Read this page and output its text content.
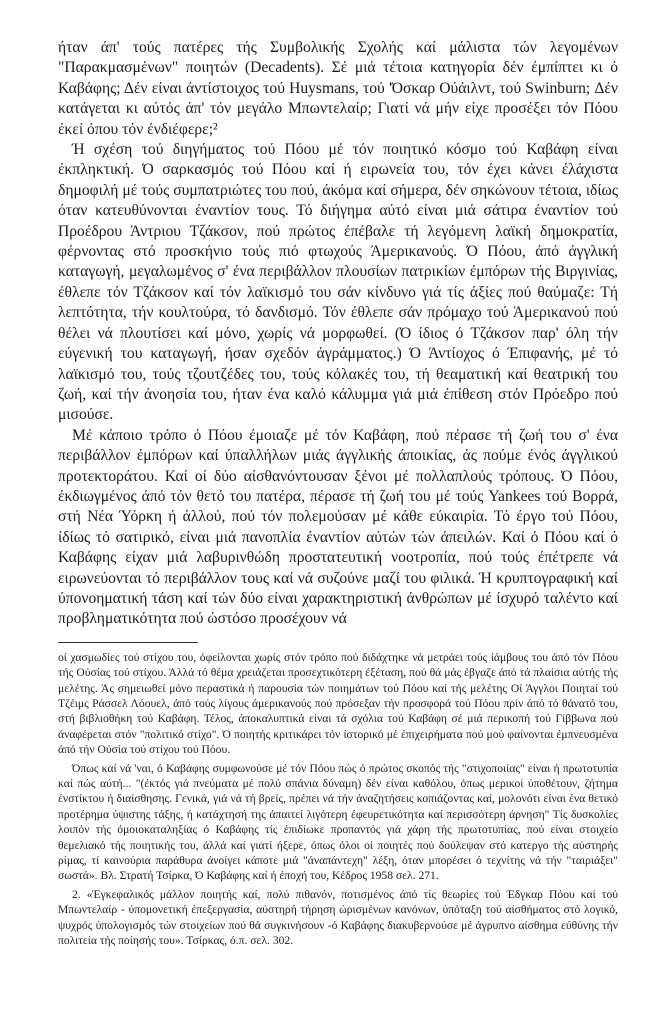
ήταν άπ' τούς πατέρες τής Συμβολικής Σχολής καί μάλιστα τών λεγομένων "Παρακμασμένων" ποιητών (Decadents). Σέ μιά τέτοια κατηγορία δέν έμπίπτει κι ό Καβάφης; Δέν είναι άντίστοιχος τού Huysmans, τού 'Όσκαρ Ούάιλντ, τού Swinburn; Δέν κατάγεται κι αύτός άπ' τόν μεγάλο Μπωντελαίρ; Γιατί νά μήν είχε προσέξει τόν Πόου έκεί όπου τόν ένδιέφερε;²

Ή σχέση τού διηγήματος τού Πόου μέ τόν ποιητικό κόσμο τού Καβάφη είναι έκπληκτική. Ό σαρκασμός τού Πόου καί ή ειρωνεία του, τόν έχει κάνει έλάχιστα δημοφιλή μέ τούς συμπατριώτες του πού, άκόμα καί σήμερα, δέν σηκώνουν τέτοια, ιδίως όταν κατευθύνονται έναντίον τους. Τό διήγημα αύτό είναι μιά σάτιρα έναντίον τού Προέδρου Άντριου Τζάκσον, πού πρώτος έπέβαλε τή λεγόμενη λαϊκή δημοκρατία, φέρνοντας στό προσκήνιο τούς πιό φτωχούς Άμερικανούς. Ό Πόου, άπό άγγλική καταγωγή, μεγαλωμένος σ' ένα περιβάλλον πλουσίων πατρικίων έμπόρων τής Βιργινίας, έθλεπε τόν Τζάκσον καί τόν λαϊκισμό του σάν κίνδυνο γιά τίς άξίες πού θαύμαζε: Τή λεπτότητα, τήν κουλτούρα, τό δανδισμό. Τόν έθλεπε σάν πρόμαχο τού Άμερικανού πού θέλει νά πλουτίσει καί μόνο, χωρίς νά μορφωθεί. (Ό ίδιος ό Τζάκσον παρ' όλη τήν εύγενική του καταγωγή, ήσαν σχεδόν άγράμματος.) Ό Άντίοχος ό Έπιφανής, μέ τό λαϊκισμό του, τούς τζουτζέδες του, τούς κόλακές του, τή θεαματική καί θεατρική του ζωή, καί τήν άνοησία του, ήταν ένα καλό κάλυμμα γιά μιά έπίθεση στόν Πρόεδρο πού μισούσε.

Μέ κάποιο τρόπο ό Πόου έμοιαζε μέ τόν Καβάφη, πού πέρασε τή ζωή του σ' ένα περιβάλλον έμπόρων καί ύπαλλήλων μιάς άγγλικής άποικίας, άς πούμε ένός άγγλικού προτεκτοράτου. Καί οί δύο αίσθανόντουσαν ξένοι μέ πολλαπλούς τρόπους. Ό Πόου, έκδιωγμένος άπό τόν θετό του πατέρα, πέρασε τή ζωή του μέ τούς Yankees τού Βορρά, στή Νέα Ύόρκη ή άλλού, πού τόν πολεμούσαν μέ κάθε εύκαιρία. Τό έργο τού Πόου, ίδίως τό σατιρικό, είναι μιά πανοπλία έναντίον αύτών τών άπειλών. Καί ό Πόου καί ό Καβάφης είχαν μιά λαβυρινθώδη προστατευτική νοοτροπία, πού τούς έπέτρεπε νά ειρωνεύονται τό περιβάλλον τους καί νά συζούνε μαζί του φιλικά. Ή κρυπτογραφική καί ύπονοηματική τάση καί τών δύο είναι χαρακτηριστική άνθρώπων μέ ίσχυρό ταλέντο καί προβληματικότητα πού ώστόσο προσέχουν νά

οί χασμωδίες τού στίχου του, όφείλονται χωρίς στόν τρόπο πού διδάχτηκε νά μετράει τούς ίάμβους του άπό τόν Πόου τής Ούσίας τού στίχου. Άλλά τό θέμα χρειάζεται προσεχτικότερη έξέταση, πού θά μάς έβγαζε άπό τά πλαίσια αύτής τής μελέτης. Άς σημειωθεί μόνο περαστικά ή παρουσία τών ποιημάτων τού Πόου καί τής μελέτης Οί Άγγλοι Ποιητaί τού Τζέιμς Ράσσελ Λόουελ, άπό τούς λίγους άμερικανούς πού πρόσεξαν τήν προσφορά τού Πόου πρίν άπό τό θάνατό του, στή βιβλιοθήκη τού Καβάφη. Τέλος, άποκαλυπτικά είναι τά σχόλια τού Καβάφη σέ μιά περικοπή τού Γίββωνα πού άναφέρεται στόν "πολιτικό στίχο". Ό ποιητής κριτικάρει τόν ίστορικό μέ έπιχειρήματα πού μού φαίνονται έμπνευσμένα άπό τήν Ούσία τού στίχου τού Πόου.

Όπως καί νά 'ναι, ό Καβάφης συμφωνούσε μέ τόν Πόου πώς ό πρώτος σκοπός τής "στιχοποιίας" είναι ή πρωτοτυπία καί πώς αύτή... "(έκτός γιά πνεύματα μέ πολύ σπάνια δύναμη) δέν είναι καθόλου, όπως μερικοί ύποθέτουν, ζήτημα ένστίκτου ή διαίσθησης. Γενικά, γιά νά τή βρείς, πρέπει νά τήν άναζητήσεις κοπιάζοντας καί, μολονότι είναι ένα θετικό προτέρημα ύψιστης τάξης, ή κατάχτησή της άπαιτεί λιγότερη έφευρετικότητα καί περισσότερη άρνηση" Τίς δυσκολίες λοιπόν τής όμοιοκαταληξίας ό Καβάφης τίς έπιδίωκε προπαντός γιά χάρη τής πρωτοτυπίας, πού είναι στοιχείο θεμελιακό τής ποιητικής του, άλλά καί γιατί ήξερε, όπως όλοι οί ποιητές πού δούλεψαν στό κατεργο τής αύστηρής ρίμας, τί καινούρια παράθυρα άνοίγει κάποτε μιά "άναπάντεχη" λέξη, όταν μπορέσει ό τεχνίτης νά τήν "ταιριάξει" σωστά». Βλ. Στρατή Τσίρκα, Ό Καβάφης καί ή έποχή του, Κέδρος 1958 σελ. 271.

2. «Έγκεφαλικός μάλλον ποιητής καί, πολύ πιθανόν, ποτισμένος άπό τίς θεωρίες τού Έδγκαρ Πόου καί τού Μπωντελαίρ - ύπομονετική έπεξεργασία, αύστηρή τήρηση ώρισμένων κανόνων, ύπόταξη τού αίσθήματος στό λογικό, ψυχρός ύπολογισμός τών στοιχείων πού θά συγκινήσουν -ό Καβάφης διακυβερνούσε μέ άγρυπνο αίσθημα εύθύνης τήν πολιτεία τής ποίησής του». Τσίρκας, ό.π. σελ. 302.
